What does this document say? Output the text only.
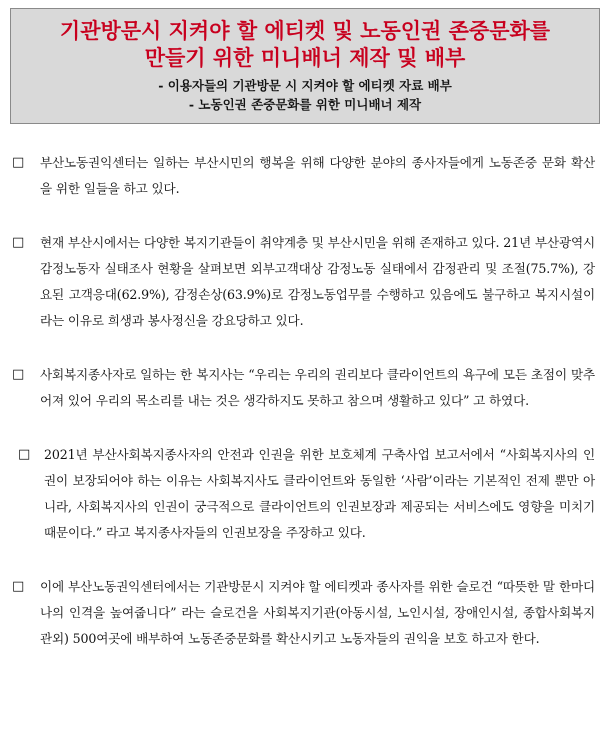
기관방문시 지켜야 할 에티켓 및 노동인권 존중문화를

만들기 위한 미니배너 제작 및 배부

- 이용자들의 기관방문 시 지켜야 할 에티켓 자료 배부
- 노동인권 존중문화를 위한 미니배너 제작
□ 부산노동권익센터는 일하는 부산시민의 행복을 위해 다양한 분야의 종사자들에게 노동존중 문화 확산을 위한 일들을 하고 있다.
□ 현재 부산시에서는 다양한 복지기관들이 취약계층 및 부산시민을 위해 존재하고 있다. 21년 부산광역시 감정노동자 실태조사 현황을 살펴보면 외부고객대상 감정노동 실태에서 감정관리 및 조절(75.7%), 강요된 고객응대(62.9%), 감정손상(63.9%)로 감정노동업무를 수행하고 있음에도 불구하고 복지시설이라는 이유로 희생과 봉사정신을 강요당하고 있다.
□ 사회복지종사자로 일하는 한 복지사는 “우리는 우리의 권리보다 클라이언트의 욕구에 모든 초점이 맞추어져 있어 우리의 목소리를 내는 것은 생각하지도 못하고 참으며 생활하고 있다” 고 하였다.
□ 2021년 부산사회복지종사자의 안전과 인권을 위한 보호체계 구축사업 보고서에서 “사회복지사의 인권이 보장되어야 하는 이유는 사회복지사도 클라이언트와 동일한 ‘사람’이라는 기본적인 전제 뿐만 아니라, 사회복지사의 인권이 궁극적으로 클라이언트의 인권보장과 제공되는 서비스에도 영향을 미치기 때문이다.” 라고 복지종사자들의 인권보장을 주장하고 있다.
□ 이에 부산노동권익센터에서는 기관방문시 지켜야 할 에티켓과 종사자를 위한 슬로건 “따뜻한 말 한마디 나의 인격을 높여줍니다” 라는 슬로건을 사회복지기관(아동시설, 노인시설, 장애인시설, 종합사회복지관외) 500여곳에 배부하여 노동존중문화를 확산시키고 노동자들의 권익을 보호 하고자 한다.
